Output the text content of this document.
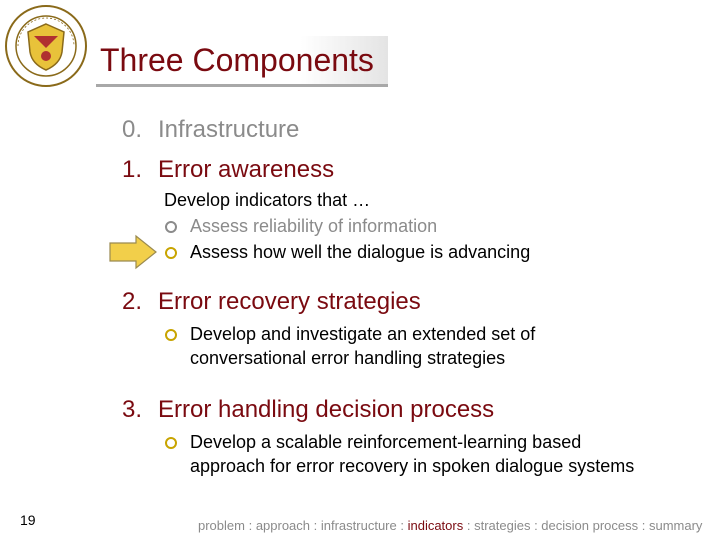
Three Components
0. Infrastructure
1. Error awareness
Develop indicators that …
Assess reliability of information
Assess how well the dialogue is advancing
2. Error recovery strategies
Develop and investigate an extended set of
conversational error handling strategies
3. Error handling decision process
Develop a scalable reinforcement-learning based
approach for error recovery in spoken dialogue systems
19	problem : approach : infrastructure : indicators : strategies : decision process : summary
